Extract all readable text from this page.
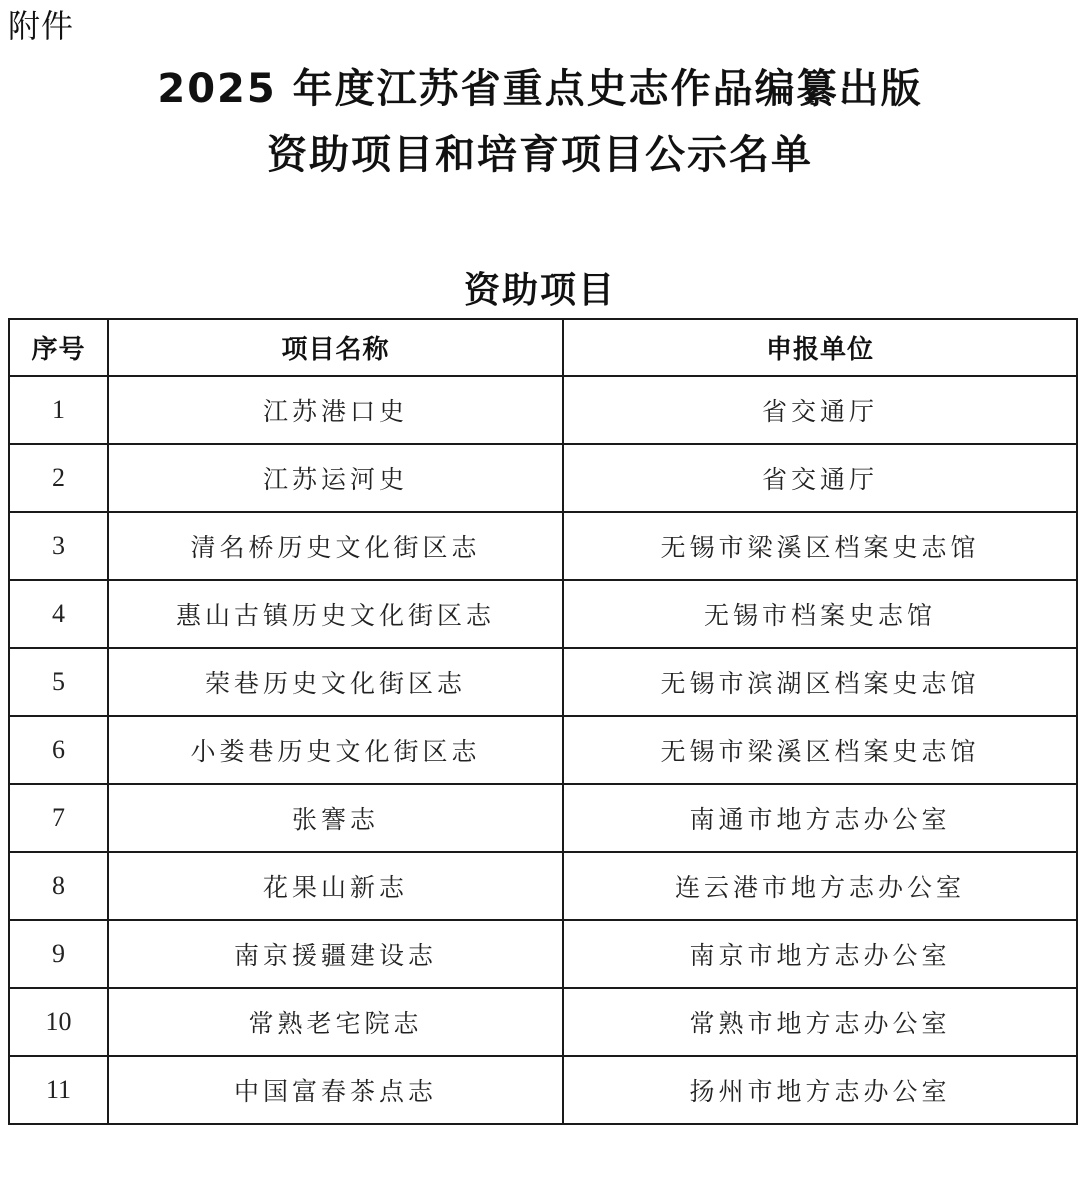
附件
2025 年度江苏省重点史志作品编纂出版
资助项目和培育项目公示名单
资助项目
序号	项目名称	申报单位
1	江苏港口史	省交通厅
2	江苏运河史	省交通厅
3	清名桥历史文化街区志	无锡市梁溪区档案史志馆
4	惠山古镇历史文化街区志	无锡市档案史志馆
5	荣巷历史文化街区志	无锡市滨湖区档案史志馆
6	小娄巷历史文化街区志	无锡市梁溪区档案史志馆
7	张謇志	南通市地方志办公室
8	花果山新志	连云港市地方志办公室
9	南京援疆建设志	南京市地方志办公室
10	常熟老宅院志	常熟市地方志办公室
11	中国富春茶点志	扬州市地方志办公室
